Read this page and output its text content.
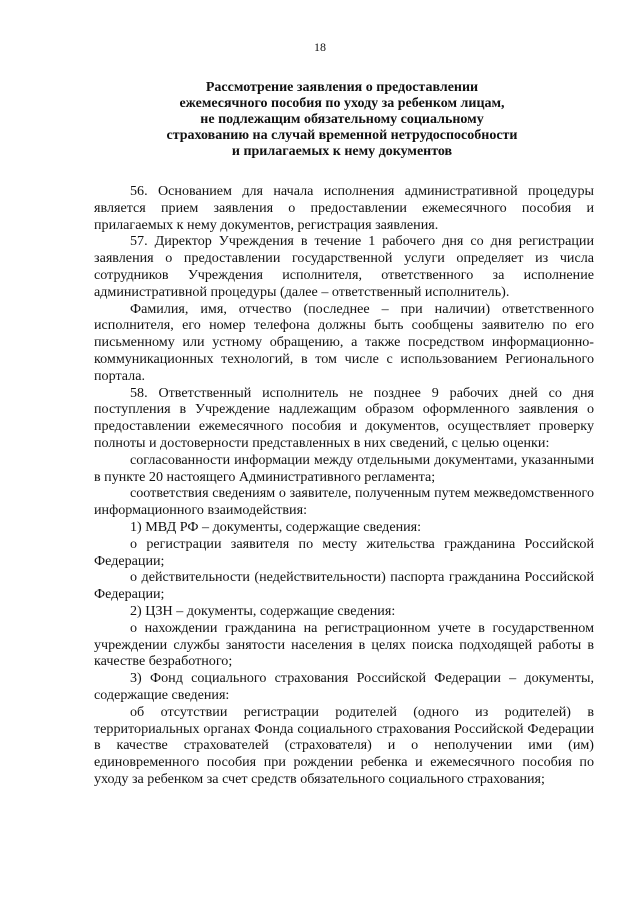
18
Рассмотрение заявления о предоставлении
ежемесячного пособия по уходу за ребенком лицам,
не подлежащим обязательному социальному
страхованию на случай временной нетрудоспособности
и прилагаемых к нему документов

56. Основанием для начала исполнения административной процедуры является прием заявления о предоставлении ежемесячного пособия и прилагаемых к нему документов, регистрация заявления.

57. Директор Учреждения в течение 1 рабочего дня со дня регистрации заявления о предоставлении государственной услуги определяет из числа сотрудников Учреждения исполнителя, ответственного за исполнение административной процедуры (далее – ответственный исполнитель).

Фамилия, имя, отчество (последнее – при наличии) ответственного исполнителя, его номер телефона должны быть сообщены заявителю по его письменному или устному обращению, а также посредством информационно-коммуникационных технологий, в том числе с использованием Регионального портала.

58. Ответственный исполнитель не позднее 9 рабочих дней со дня поступления в Учреждение надлежащим образом оформленного заявления о предоставлении ежемесячного пособия и документов, осуществляет проверку полноты и достоверности представленных в них сведений, с целью оценки:

согласованности информации между отдельными документами, указанными в пункте 20 настоящего Административного регламента;

соответствия сведениям о заявителе, полученным путем межведомственного информационного взаимодействия:

1) МВД РФ – документы, содержащие сведения:

о регистрации заявителя по месту жительства гражданина Российской Федерации;

о действительности (недействительности) паспорта гражданина Российской Федерации;

2) ЦЗН – документы, содержащие сведения:

о нахождении гражданина на регистрационном учете в государственном учреждении службы занятости населения в целях поиска подходящей работы в качестве безработного;

3) Фонд социального страхования Российской Федерации – документы, содержащие сведения:

об отсутствии регистрации родителей (одного из родителей) в территориальных органах Фонда социального страхования Российской Федерации в качестве страхователей (страхователя) и о неполучении ими (им) единовременного пособия при рождении ребенка и ежемесячного пособия по уходу за ребенком за счет средств обязательного социального страхования;
